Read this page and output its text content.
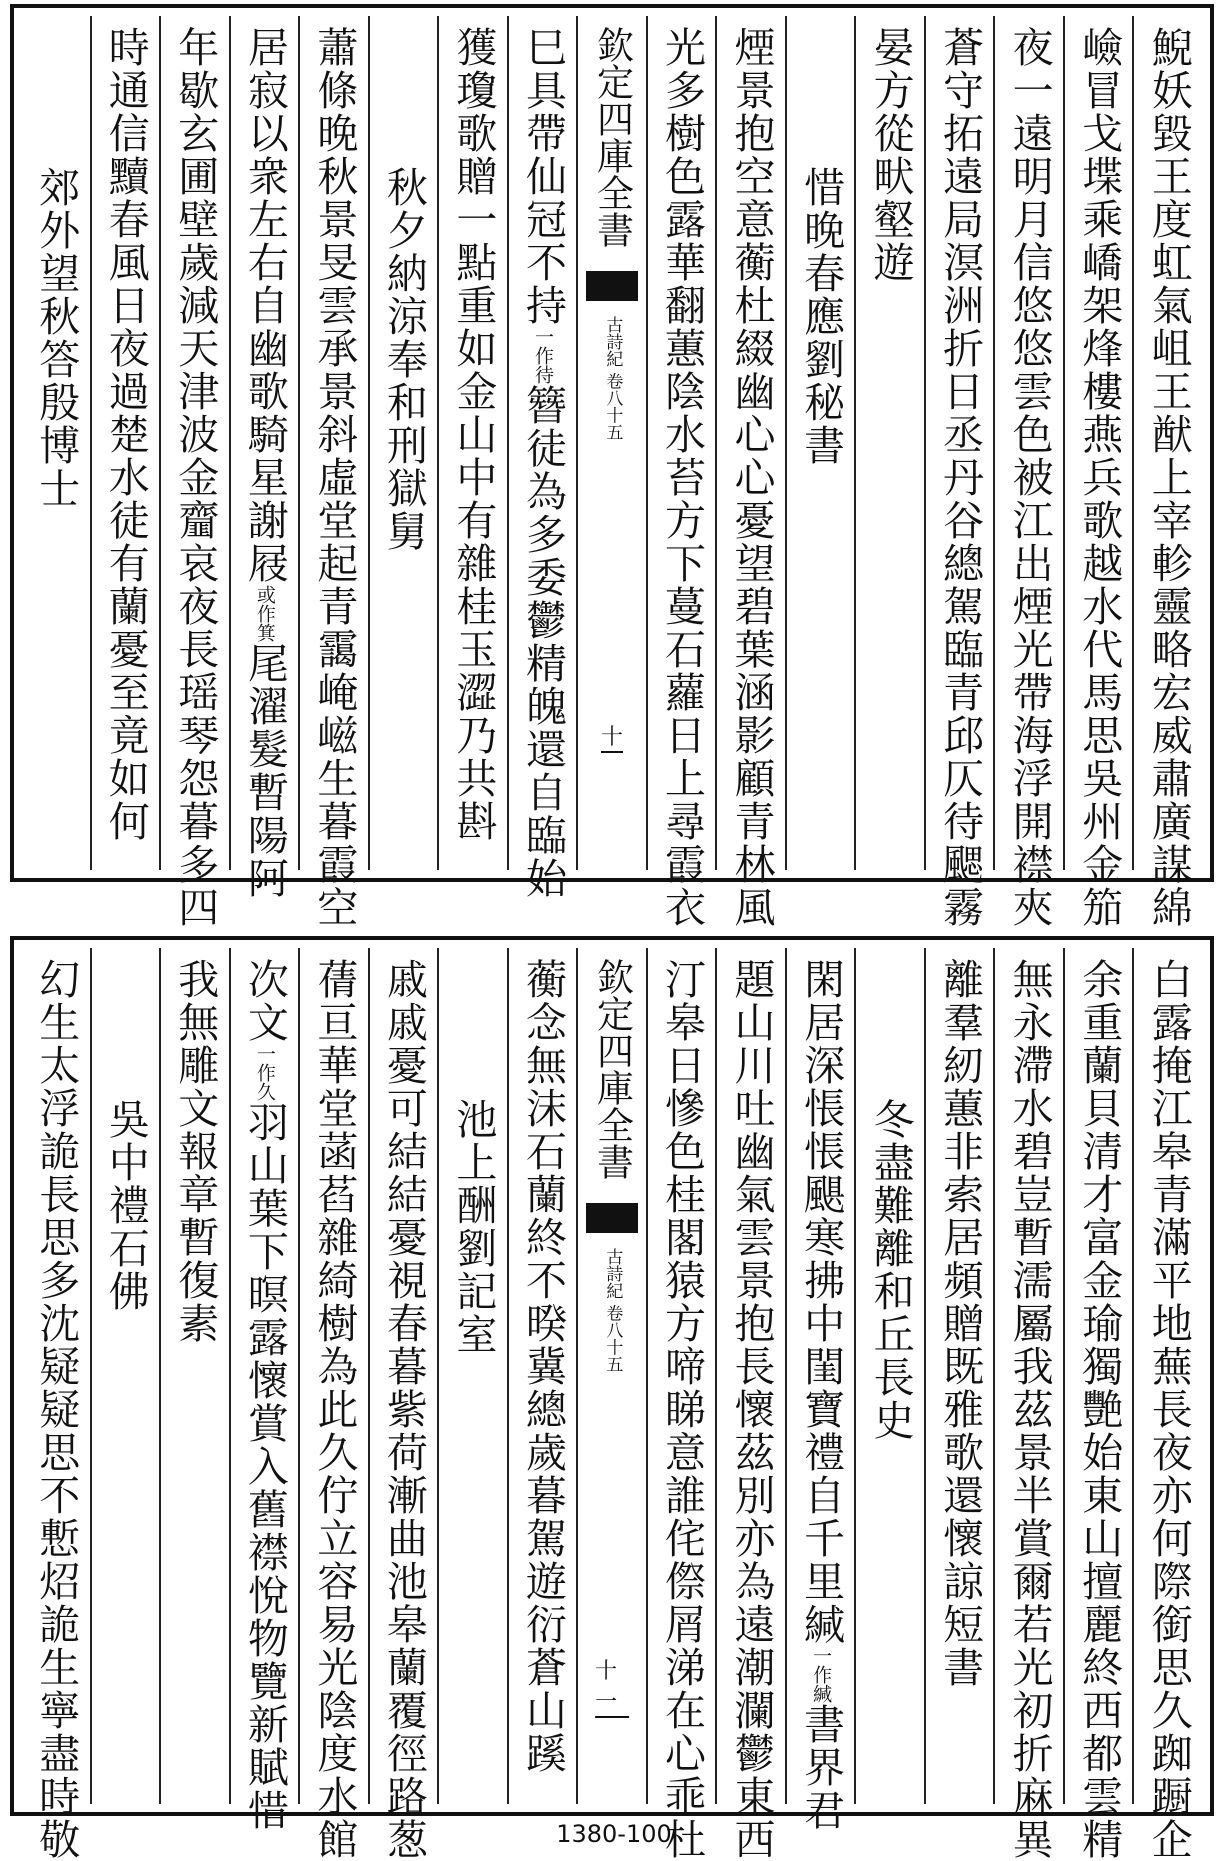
鯢妖毀王度虹氣岨王猷上宰軫靈略宏威肅廣謀綿
嶮冒戈堞乘嶠架烽樓燕兵歌越水代馬思吳州金笳
夜一遠明月信悠悠雲色被江出煙光帶海浮開襟夾
蒼守拓遠局溟洲折日丞丹谷總駕臨青邱仄待颸霧
晏方從畎壑遊
惜晚春應劉秘書
煙景抱空意蘅杜綴幽心心憂望碧葉涵影顧青林風
光多樹色露華翻蕙陰水苔方下蔓石蘿日上尋霞衣
欽定四庫全書
古詩紀 卷八十五
十
巳具帶仙冠不持一作待簪徒為多委鬱精魄還自臨始
獲瓊歌贈一點重如金山中有雜桂玉澀乃共斟
秋夕納涼奉和刑獄舅
蕭條晚秋景旻雲承景斜虛堂起青靄崦嵫生暮霞空
居寂以衆左右自幽歌騎星謝屐或作箕尾濯髮暫陽阿
年歇玄圃壁歲減天津波金齏哀夜長瑶琴怨暮多四
時通信黷春風日夜過楚水徒有蘭憂至竟如何
郊外望秋答殷博士
白露掩江皋青滿平地蕪長夜亦何際銜思久踟蹰企
余重蘭貝清才富金瑜獨艷始東山擅麗終西都雲精
無永滯水碧豈暫濡屬我茲景半賞爾若光初折麻異
離羣紉蕙非索居頻贈既雅歌還懷諒短書
冬盡難離和丘長史
閑居深悵悵颶寒拂中閨寶禮自千里緘一作緘書界君
題山川吐幽氣雲景抱長懷茲別亦為遠潮瀾鬱東西
汀皋日慘色桂閣猿方啼睇意誰侘傺屑涕在心乖杜
欽定四庫全書
古詩紀 卷八十五
十一
蘅念無沫石蘭終不暌冀總歲暮駕遊衍蒼山蹊
池上酬劉記室
戚戚憂可結結憂視春暮紫荷漸曲池皋蘭覆徑路葱
蒨亘華堂菡萏雜綺樹為此久佇立容易光陰度水館
次文一作久羽山葉下暝露懷賞入舊襟悅物覽新賦惜
我無雕文報章暫復素
吳中禮石佛
幻生太浮詭長思多沈疑疑思不慙炤詭生寧盡時敬	1380-100
